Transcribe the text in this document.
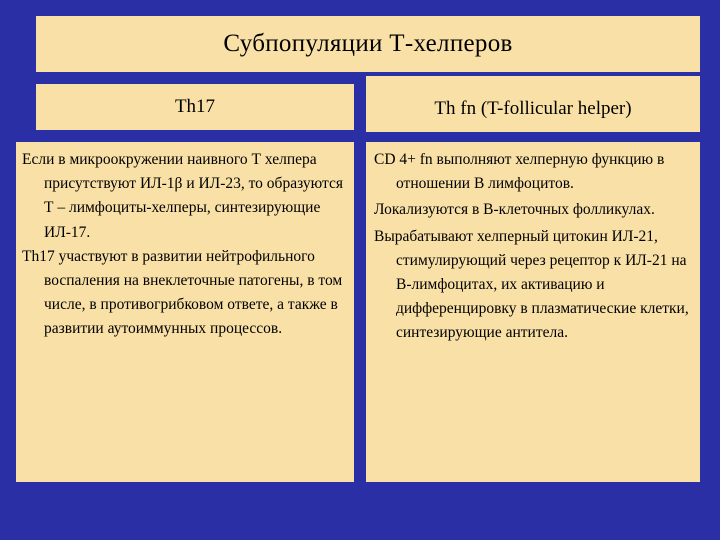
Субпопуляции Т-хелперов
Th17	Th fn (T-follicular helper)

Если в микроокружении наивного Т хелпера присутствуют ИЛ-1β и ИЛ-23, то образуются Т – лимфоциты-хелперы, синтезирующие ИЛ-17.

Th17 участвуют в развитии нейтрофильного воспаления на внеклеточные патогены, в том числе, в противогрибковом ответе, а также в развитии аутоиммунных процессов.

CD 4+ fn выполняют хелперную функцию в отношении В лимфоцитов.

Локализуются в В-клеточных фолликулах.

Вырабатывают хелперный цитокин ИЛ-21, стимулирующий через рецептор к ИЛ-21 на В-лимфоцитах, их активацию и дифференцировку в плазматические клетки, синтезирующие антитела.
